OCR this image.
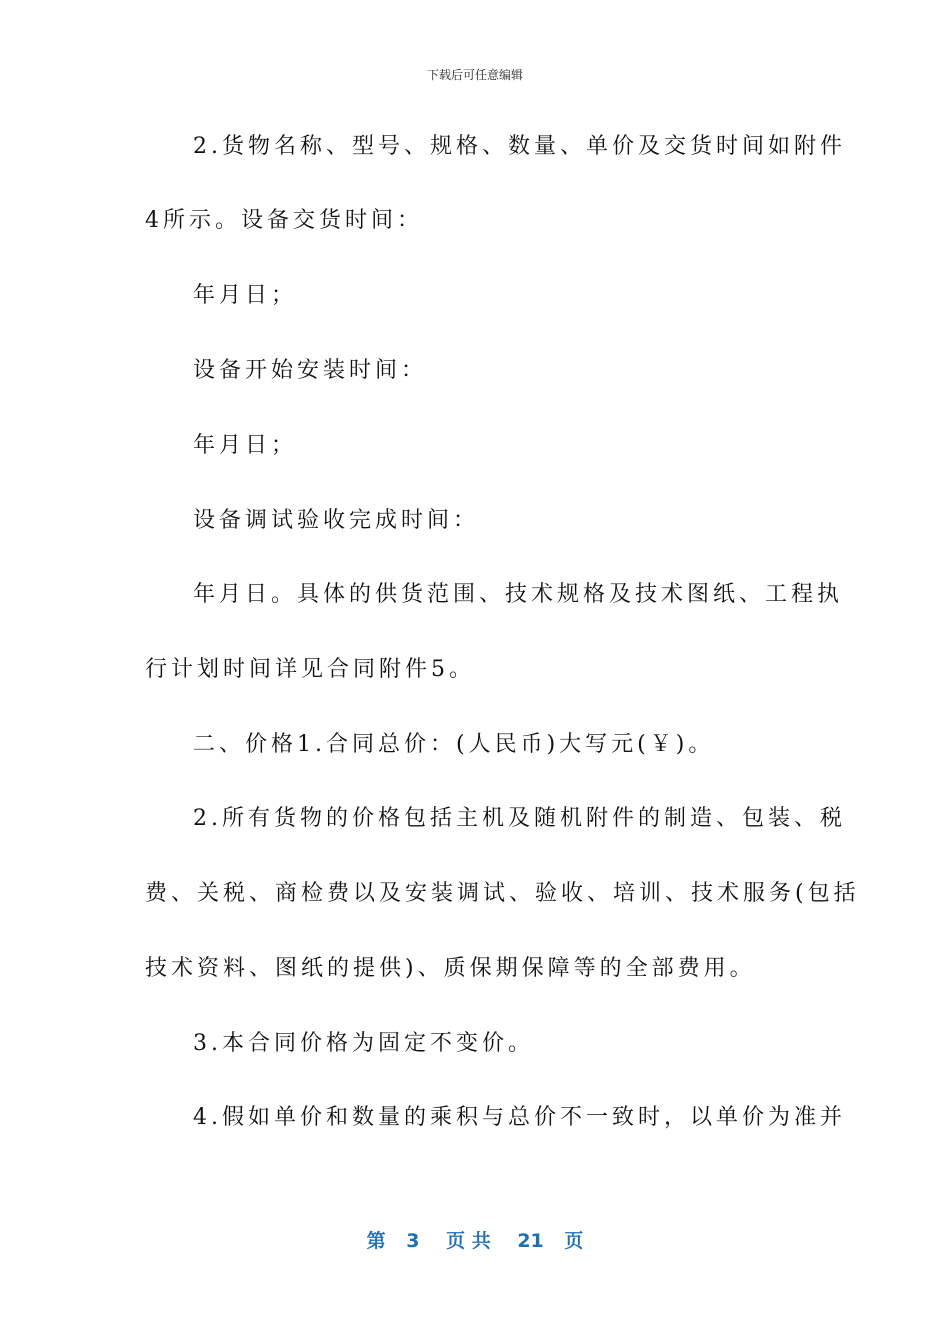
下载后可任意编辑
2.货物名称、型号、规格、数量、单价及交货时间如附件
4所示。设备交货时间：
年月日；
设备开始安装时间：
年月日；
设备调试验收完成时间：
年月日。具体的供货范围、技术规格及技术图纸、工程执
行计划时间详见合同附件5。
二、价格1.合同总价：(人民币)大写元(￥)。
2.所有货物的价格包括主机及随机附件的制造、包装、税
费、关税、商检费以及安装调试、验收、培训、技术服务(包括
技术资料、图纸的提供)、质保期保障等的全部费用。
3.本合同价格为固定不变价。
4.假如单价和数量的乘积与总价不一致时，以单价为准并
第 3 页 共 21 页
